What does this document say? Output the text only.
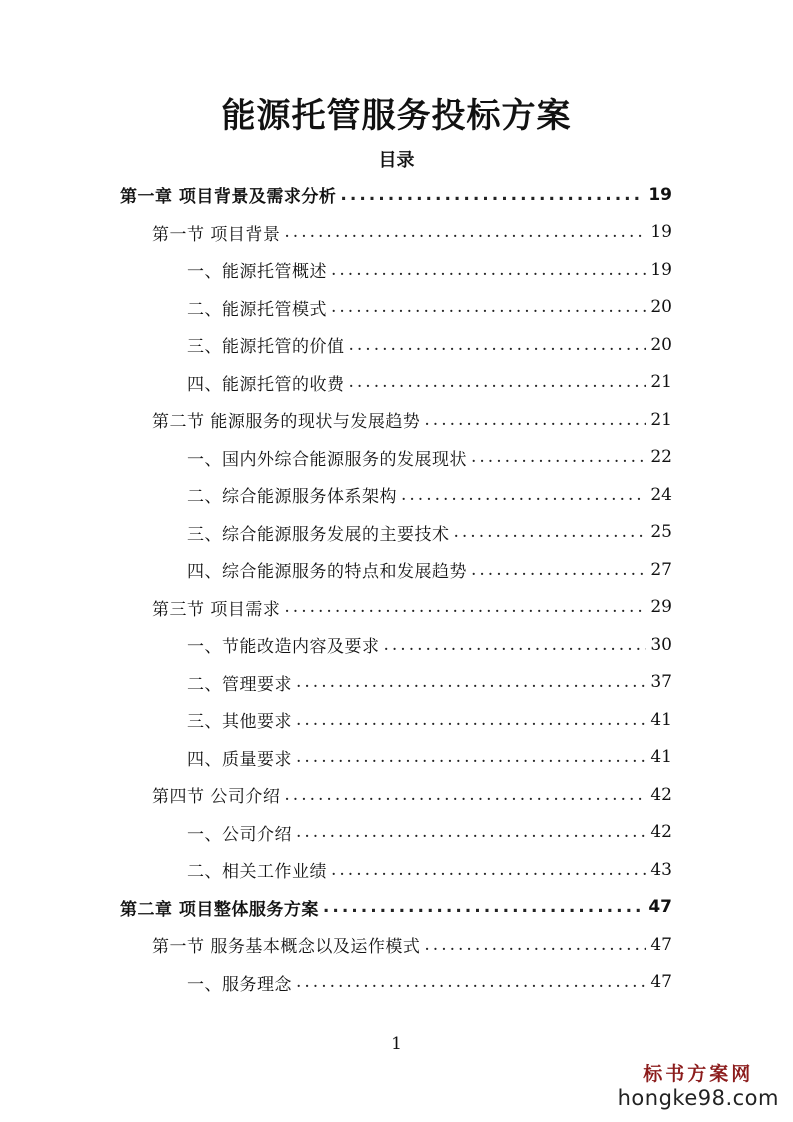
能源托管服务投标方案
目录
第一章 项目背景及需求分析 .....	19
第一节 项目背景 .....	19
一、能源托管概述 .....	19
二、能源托管模式 .....	20
三、能源托管的价值 .....	20
四、能源托管的收费 .....	21
第二节 能源服务的现状与发展趋势 .....	21
一、国内外综合能源服务的发展现状 .....	22
二、综合能源服务体系架构 .....	24
三、综合能源服务发展的主要技术 .....	25
四、综合能源服务的特点和发展趋势 .....	27
第三节 项目需求 .....	29
一、节能改造内容及要求 .....	30
二、管理要求 .....	37
三、其他要求 .....	41
四、质量要求 .....	41
第四节 公司介绍 .....	42
一、公司介绍 .....	42
二、相关工作业绩 .....	43
第二章 项目整体服务方案 .....	47
第一节 服务基本概念以及运作模式 .....	47
一、服务理念 .....	47
1
标书方案网
hongke98.com
